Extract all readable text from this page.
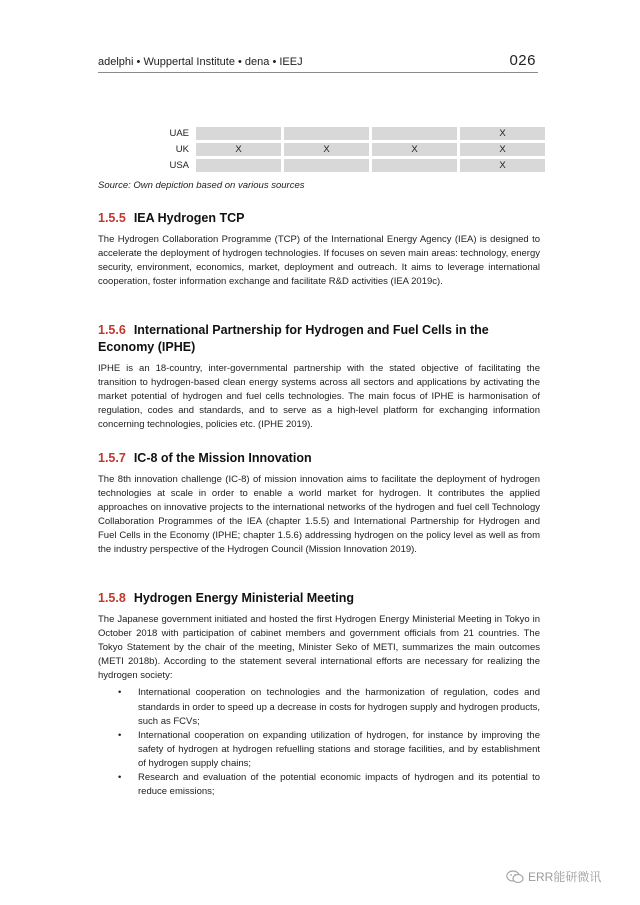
adelphi • Wuppertal Institute • dena • IEEJ	026
UAE				X
UK	X	X	X	X
USA				X
Source: Own depiction based on various sources
1.5.5 IEA Hydrogen TCP

The Hydrogen Collaboration Programme (TCP) of the International Energy Agency (IEA) is designed to accelerate the deployment of hydrogen technologies. If focuses on seven main areas: technology, energy security, environment, economics, market, deployment and outreach. It aims to leverage international cooperation, foster information exchange and facilitate R&D activities (IEA 2019c).

1.5.6 International Partnership for Hydrogen and Fuel Cells in the Economy (IPHE)

IPHE is an 18-country, inter-governmental partnership with the stated objective of facilitating the transition to hydrogen-based clean energy systems across all sectors and applications by activating the market potential of hydrogen and fuel cells technologies. The main focus of IPHE is harmonisation of regulation, codes and standards, and to serve as a high-level platform for exchanging information concerning technologies, policies etc. (IPHE 2019).

1.5.7 IC-8 of the Mission Innovation

The 8th innovation challenge (IC-8) of mission innovation aims to facilitate the deployment of hydrogen technologies at scale in order to enable a world market for hydrogen. It contributes the applied approaches on innovative projects to the international networks of the hydrogen and fuel cell Technology Collaboration Programmes of the IEA (chapter 1.5.5) and International Partnership for Hydrogen and Fuel Cells in the Economy (IPHE; chapter 1.5.6) addressing hydrogen on the policy level as well as from the industry perspective of the Hydrogen Council (Mission Innovation 2019).

1.5.8 Hydrogen Energy Ministerial Meeting

The Japanese government initiated and hosted the first Hydrogen Energy Ministerial Meeting in Tokyo in October 2018 with participation of cabinet members and government officials from 21 countries. The Tokyo Statement by the chair of the meeting, Minister Seko of METI, summarizes the main outcomes (METI 2018b). According to the statement several international efforts are necessary for realizing the hydrogen society:

• International cooperation on technologies and the harmonization of regulation, codes and standards in order to speed up a decrease in costs for hydrogen supply and hydrogen products, such as FCVs;
• International cooperation on expanding utilization of hydrogen, for instance by improving the safety of hydrogen at hydrogen refuelling stations and storage facilities, and by establishment of hydrogen supply chains;
• Research and evaluation of the potential economic impacts of hydrogen and its potential to reduce emissions;
ERR能研微讯
